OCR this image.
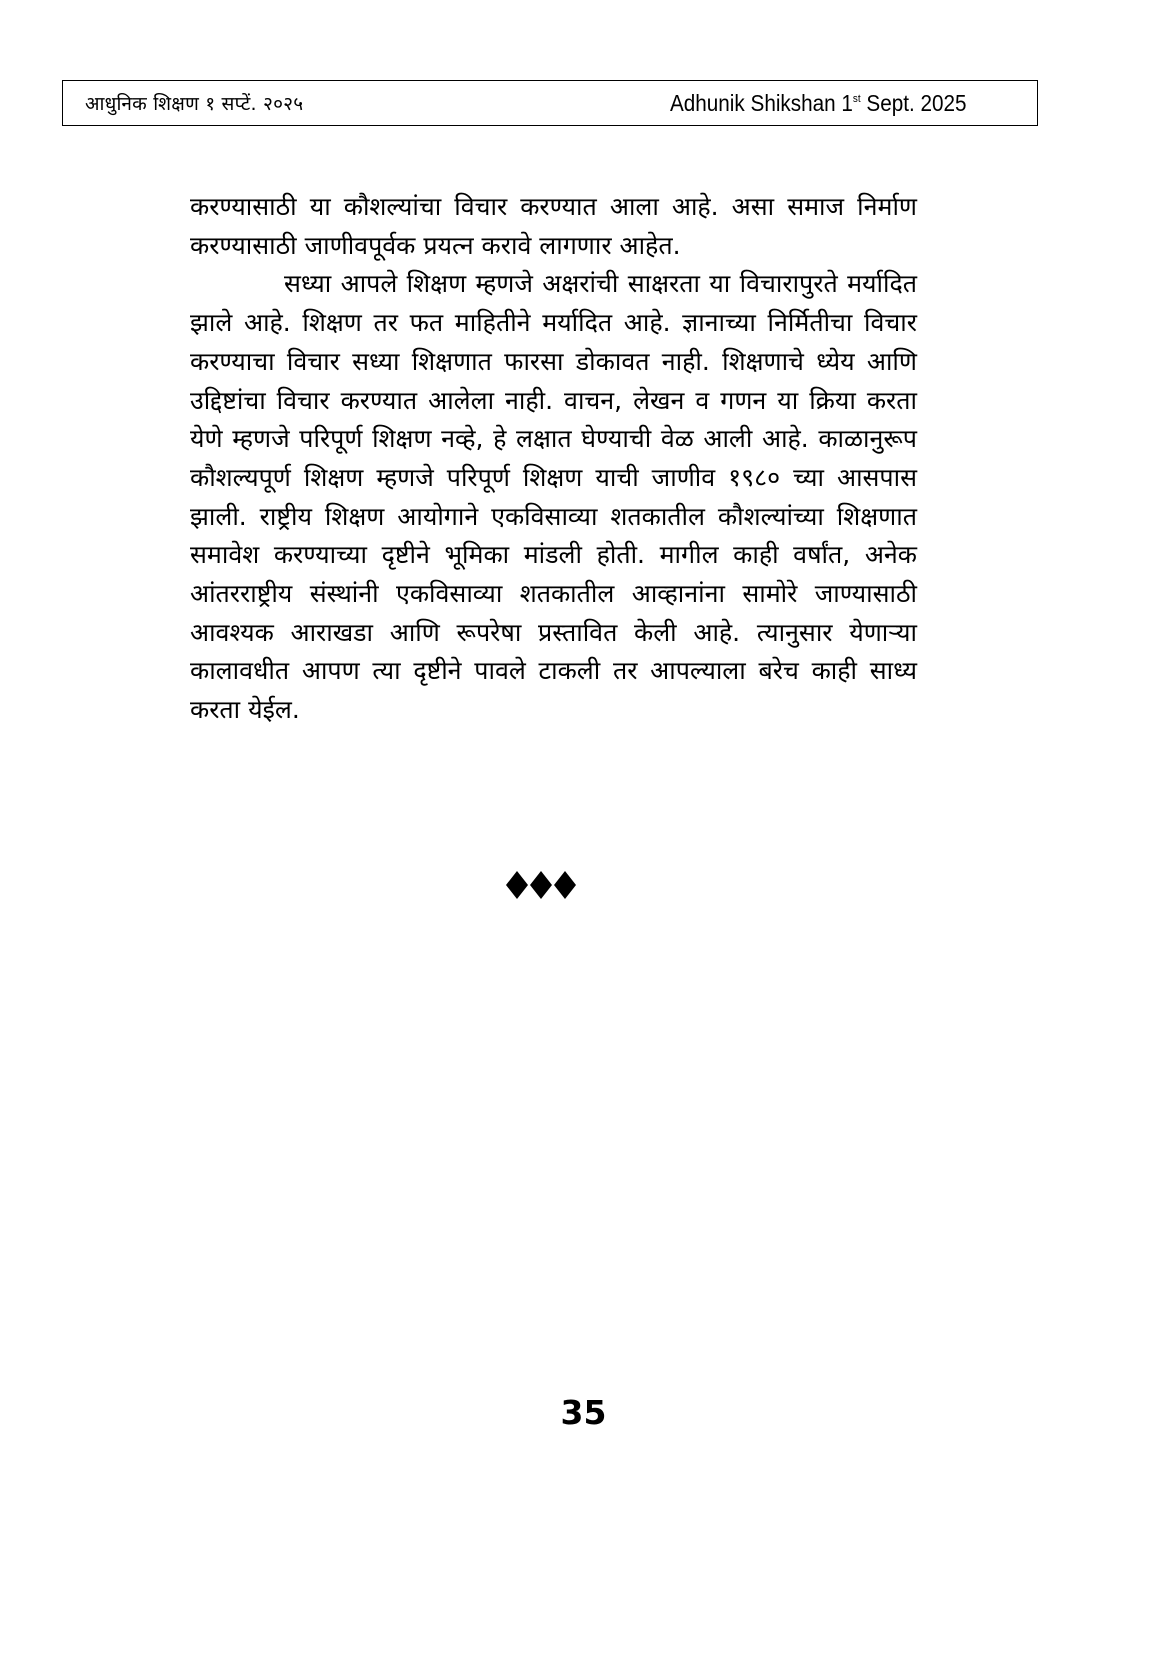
आधुनिक शिक्षण १ सप्टें. २०२५	Adhunik Shikshan 1st Sept. 2025

करण्यासाठी या कौशल्यांचा विचार करण्यात आला आहे. असा समाज निर्माण करण्यासाठी जाणीवपूर्वक प्रयत्न करावे लागणार आहेत.

सध्या आपले शिक्षण म्हणजे अक्षरांची साक्षरता या विचारापुरते मर्यादित झाले आहे. शिक्षण तर फत माहितीने मर्यादित आहे. ज्ञानाच्या निर्मितीचा विचार करण्याचा विचार सध्या शिक्षणात फारसा डोकावत नाही. शिक्षणाचे ध्येय आणि उद्दिष्टांचा विचार करण्यात आलेला नाही. वाचन, लेखन व गणन या क्रिया करता येणे म्हणजे परिपूर्ण शिक्षण नव्हे, हे लक्षात घेण्याची वेळ आली आहे. काळानुरूप कौशल्यपूर्ण शिक्षण म्हणजे परिपूर्ण शिक्षण याची जाणीव १९८० च्या आसपास झाली. राष्ट्रीय शिक्षण आयोगाने एकविसाव्या शतकातील कौशल्यांच्या शिक्षणात समावेश करण्याच्या दृष्टीने भूमिका मांडली होती. मागील काही वर्षांत, अनेक आंतरराष्ट्रीय संस्थांनी एकविसाव्या शतकातील आव्हानांना सामोरे जाण्यासाठी आवश्यक आराखडा आणि रूपरेषा प्रस्तावित केली आहे. त्यानुसार येणाऱ्या कालावधीत आपण त्या दृष्टीने पावले टाकली तर आपल्याला बरेच काही साध्य करता येईल.

35
